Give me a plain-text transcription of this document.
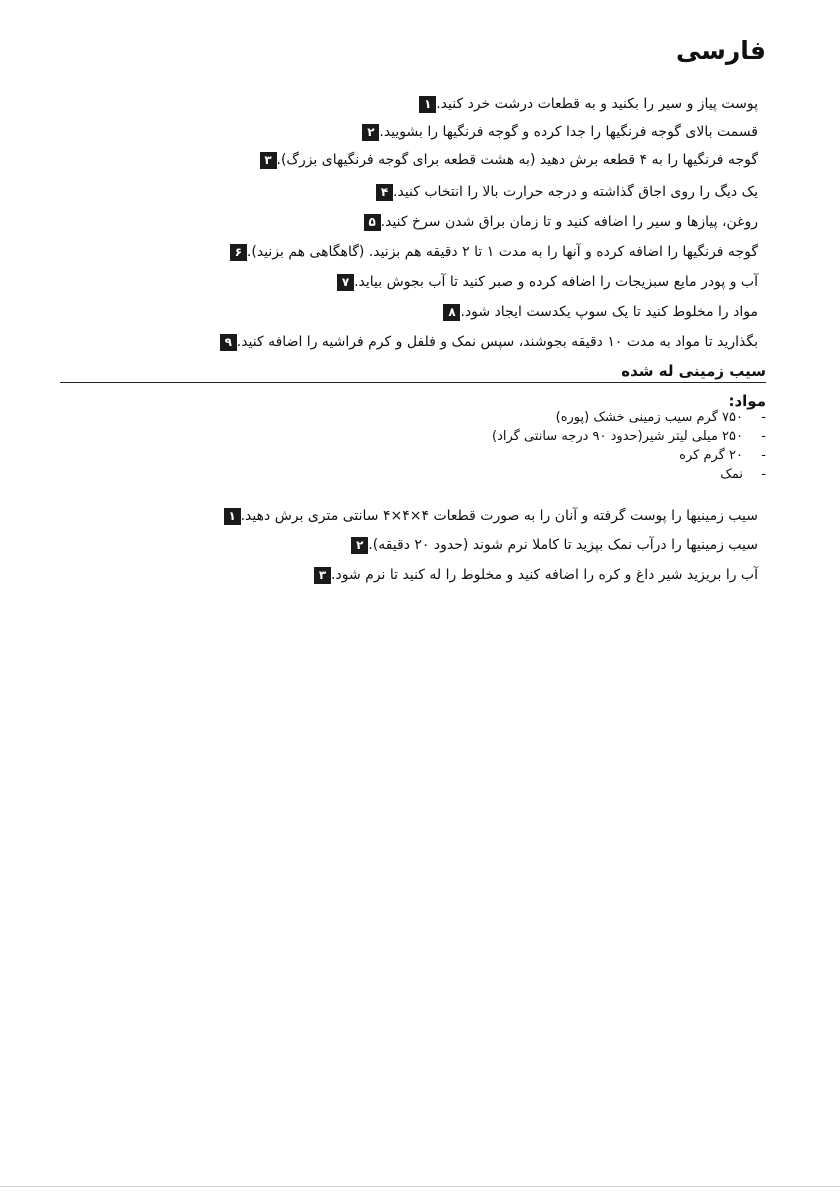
فارسی
۱ پوست پیاز و سیر را بکنید و به قطعات درشت خرد کنید.
۲ قسمت بالای گوجه فرنگیها را جدا کرده و گوجه فرنگیها را بشویید.
۳ گوجه فرنگیها را به ۴ قطعه برش دهید (به هشت قطعه برای گوجه فرنگیهای بزرگ).
۴ یک دیگ را روی اجاق گذاشته و درجه حرارت بالا را انتخاب کنید.
۵ روغن، پیازها و سیر را اضافه کنید و تا زمان براق شدن سرخ کنید.
۶ گوجه فرنگیها را اضافه کرده و آنها را به مدت ۱ تا ۲ دقیقه هم بزنید. (گاهگاهی هم بزنید).
۷ آب و پودر مایع سبزیجات را اضافه کرده و صبر کنید تا آب بجوش بیاید.
۸ مواد را مخلوط کنید تا یک سوپ یکدست ایجاد شود.
۹ بگذارید تا مواد به مدت ۱۰ دقیقه بجوشند، سپس نمک و فلفل و کرم فراشیه را اضافه کنید.
سیب زمینی له شده
مواد:
-
۷۵۰ گرم سیب زمینی خشک (پوره)
-
۲۵۰ میلی لیتر شیر(حدود ۹۰ درجه سانتی گراد)
-
۲۰ گرم کره
-
نمک
۱ سیب زمینیها را پوست گرفته و آنان را به صورت قطعات ۴×۴×۴ سانتی متری برش دهید.
۲ سیب زمینیها را درآب نمک بپزید تا کاملا نرم شوند (حدود ۲۰ دقیقه).
۳ آب را بریزید شیر داغ و کره را اضافه کنید و مخلوط را له کنید تا نرم شود.
